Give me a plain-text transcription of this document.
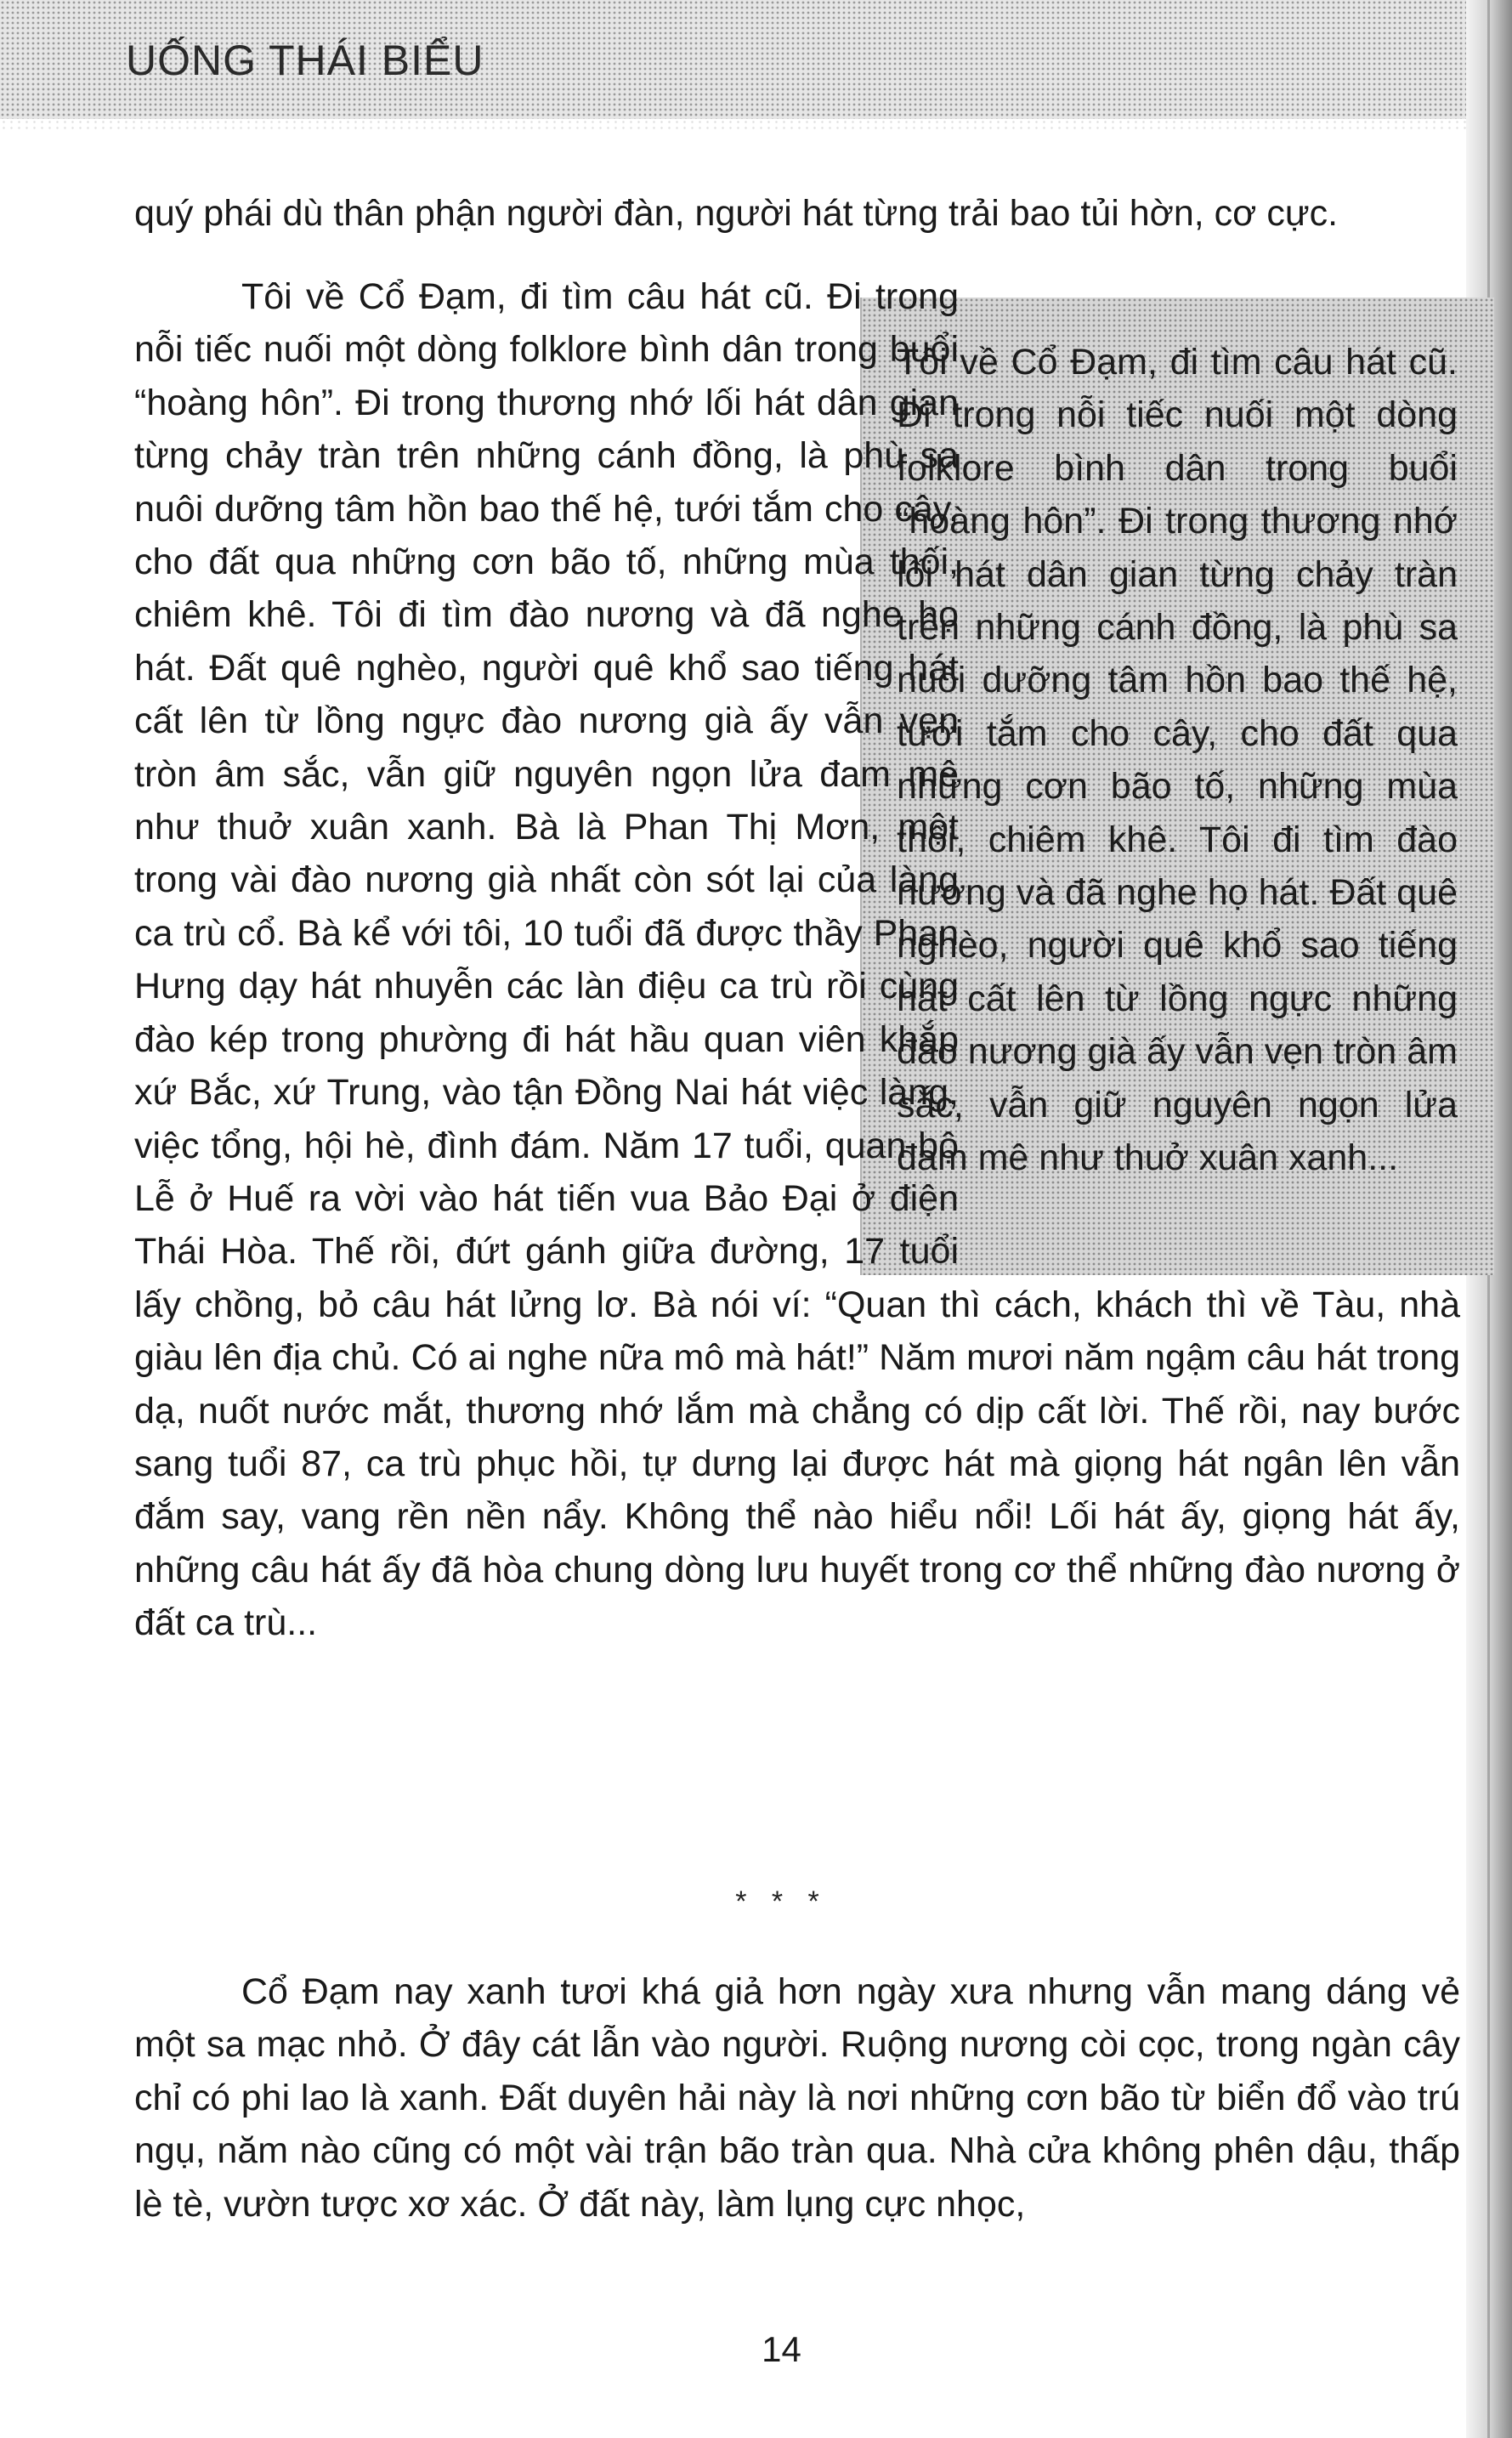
UỐNG THÁI BIỂU

quý phái dù thân phận người đàn, người hát từng trải bao tủi hờn, cơ cực.

Tôi về Cổ Đạm, đi tìm câu hát cũ. Đi trong nỗi tiếc nuối một dòng folklore bình dân trong buổi “hoàng hôn”. Đi trong thương nhớ lối hát dân gian từng chảy tràn trên những cánh đồng, là phù sa nuôi dưỡng tâm hồn bao thế hệ, tưới tắm cho cây, cho đất qua những cơn bão tố, những mùa thối, chiêm khê. Tôi đi tìm đào nương và đã nghe họ hát. Đất quê nghèo, người quê khổ sao tiếng hát cất lên từ lồng ngực đào nương già ấy vẫn vẹn tròn âm sắc, vẫn giữ nguyên ngọn lửa đam mê như thuở xuân xanh. Bà là Phan Thị Mơn, một trong vài đào nương già nhất còn sót lại của làng ca trù cổ. Bà kể với tôi, 10 tuổi đã được thầy Phan Hưng dạy hát nhuyễn các làn điệu ca trù rồi cùng đào kép trong phường đi hát hầu quan viên khắp xứ Bắc, xứ Trung, vào tận Đồng Nai hát việc làng, việc tổng, hội hè, đình đám. Năm 17 tuổi, quan bộ Lễ ở Huế ra vời vào hát tiến vua Bảo Đại ở điện Thái Hòa. Thế rồi, đứt gánh giữa đường, 17 tuổi lấy chồng, bỏ câu hát lửng lơ. Bà nói ví: “Quan thì cách, khách thì về Tàu, nhà giàu lên địa chủ. Có ai nghe nữa mô mà hát!” Năm mươi năm ngậm câu hát trong dạ, nuốt nước mắt, thương nhớ lắm mà chẳng có dịp cất lời. Thế rồi, nay bước sang tuổi 87, ca trù phục hồi, tự dưng lại được hát mà giọng hát ngân lên vẫn đắm say, vang rền nền nẩy. Không thể nào hiểu nổi! Lối hát ấy, giọng hát ấy, những câu hát ấy đã hòa chung dòng lưu huyết trong cơ thể những đào nương ở đất ca trù...

Tôi về Cổ Đạm, đi tìm câu hát cũ. Đi trong nỗi tiếc nuối một dòng folklore bình dân trong buổi “hoàng hôn”. Đi trong thương nhớ lối hát dân gian từng chảy tràn trên những cánh đồng, là phù sa nuôi dưỡng tâm hồn bao thế hệ, tưới tắm cho cây, cho đất qua những cơn bão tố, những mùa thối, chiêm khê. Tôi đi tìm đào nương và đã nghe họ hát. Đất quê nghèo, người quê khổ sao tiếng hát cất lên từ lồng ngực những đào nương già ấy vẫn vẹn tròn âm sắc, vẫn giữ nguyên ngọn lửa đam mê như thuở xuân xanh...

* * *
Cổ Đạm nay xanh tươi khá giả hơn ngày xưa nhưng vẫn mang dáng vẻ một sa mạc nhỏ. Ở đây cát lẫn vào người. Ruộng nương còi cọc, trong ngàn cây chỉ có phi lao là xanh. Đất duyên hải này là nơi những cơn bão từ biển đổ vào trú ngụ, năm nào cũng có một vài trận bão tràn qua. Nhà cửa không phên dậu, thấp lè tè, vườn tược xơ xác. Ở đất này, làm lụng cực nhọc,
14
